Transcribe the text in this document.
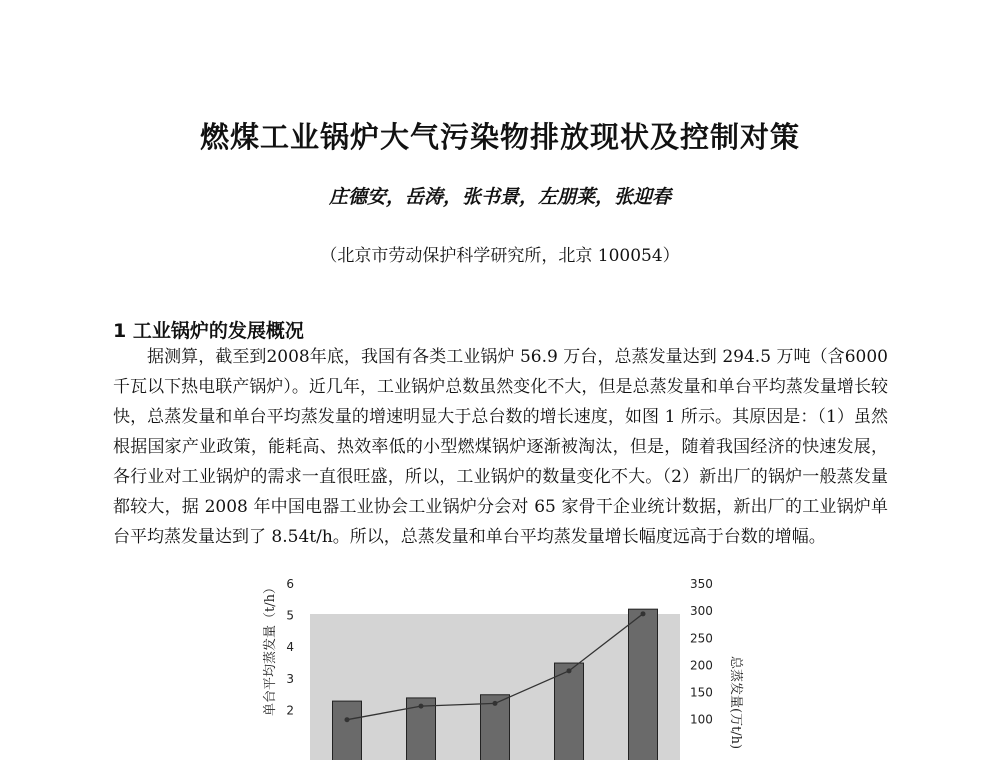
燃煤工业锅炉大气污染物排放现状及控制对策
庄德安，岳涛，张书景，左朋莱，张迎春
（北京市劳动保护科学研究所，北京 100054）
1 工业锅炉的发展概况
据测算，截至到2008年底，我国有各类工业锅炉 56.9 万台，总蒸发量达到 294.5 万吨（含6000 千瓦以下热电联产锅炉）。近几年，工业锅炉总数虽然变化不大，但是总蒸发量和单台平均蒸发量增长较快，总蒸发量和单台平均蒸发量的增速明显大于总台数的增长速度，如图 1 所示。其原因是：（1）虽然根据国家产业政策，能耗高、热效率低的小型燃煤锅炉逐渐被淘汰，但是，随着我国经济的快速发展，各行业对工业锅炉的需求一直很旺盛，所以，工业锅炉的数量变化不大。（2）新出厂的锅炉一般蒸发量都较大，据 2008 年中国电器工业协会工业锅炉分会对 65 家骨干企业统计数据，新出厂的工业锅炉单台平均蒸发量达到了 8.54t/h。所以，总蒸发量和单台平均蒸发量增长幅度远高于台数的增幅。
6
5
4
3
2
350
300
250
200
150
100
单台平均蒸发量（t/h）	总蒸发量(万t/h)
